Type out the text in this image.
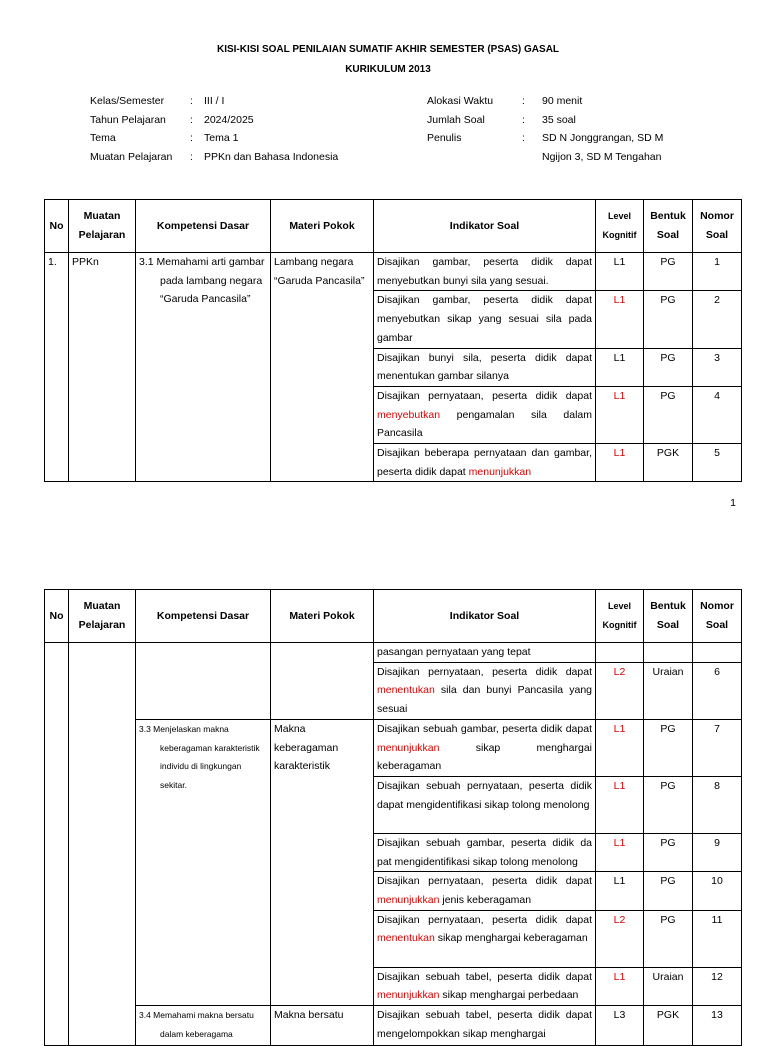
KISI-KISI SOAL PENILAIAN SUMATIF AKHIR SEMESTER (PSAS) GASAL
KURIKULUM 2013
Kelas/Semester	:	III / I
Tahun Pelajaran	:	2024/2025
Tema	:	Tema 1
Muatan Pelajaran	:	PPKn dan Bahasa Indonesia
Alokasi Waktu	:	90 menit
Jumlah Soal	:	35 soal
Penulis	:	SD N Jonggrangan, SD M
Ngijon 3, SD M Tengahan
No	Muatan Pelajaran	Kompetensi Dasar	Materi Pokok	Indikator Soal	Level Kognitif	Bentuk Soal	Nomor Soal
1.	PPKn	3.1 Memahami arti gambar pada lambang negara “Garuda Pancasila”	Lambang negara “Garuda Pancasila”	Disajikan gambar, peserta didik dapat menyebutkan bunyi sila yang sesuai.	L1	PG	1
				Disajikan gambar, peserta didik dapat menyebutkan sikap yang sesuai sila pada gambar	L1	PG	2
				Disajikan bunyi sila, peserta didik dapat menentukan gambar silanya	L1	PG	3
				Disajikan pernyataan, peserta didik dapat menyebutkan pengamalan sila dalam Pancasila	L1	PG	4
				Disajikan beberapa pernyataan dan gambar, peserta didik dapat menunjukkan	L1	PGK	5
1
No	Muatan Pelajaran	Kompetensi Dasar	Materi Pokok	Indikator Soal	Level Kognitif	Bentuk Soal	Nomor Soal
				pasangan pernyataan yang tepat			
				Disajikan pernyataan, peserta didik dapat menentukan sila dan bunyi Pancasila yang sesuai	L2	Uraian	6
		3.3 Menjelaskan makna keberagaman karakteristik individu di lingkungan sekitar.	Makna keberagaman karakteristik	Disajikan sebuah gambar, peserta didik dapat menunjukkan sikap menghargai keberagaman	L1	PG	7
				Disajikan sebuah pernyataan, peserta didik dapat mengidentifikasi sikap tolong menolong	L1	PG	8
				Disajikan sebuah gambar, peserta didik da pat mengidentifikasi sikap tolong menolong	L1	PG	9
				Disajikan pernyataan, peserta didik dapat menunjukkan jenis keberagaman	L1	PG	10
				Disajikan pernyataan, peserta didik dapat menentukan sikap menghargai keberagaman	L2	PG	11
				Disajikan sebuah tabel, peserta didik dapat menunjukkan sikap menghargai perbedaan	L1	Uraian	12
		3.4 Memahami makna bersatu dalam keberagama	Makna bersatu	Disajikan sebuah tabel, peserta didik dapat mengelompokkan sikap menghargai	L3	PGK	13
